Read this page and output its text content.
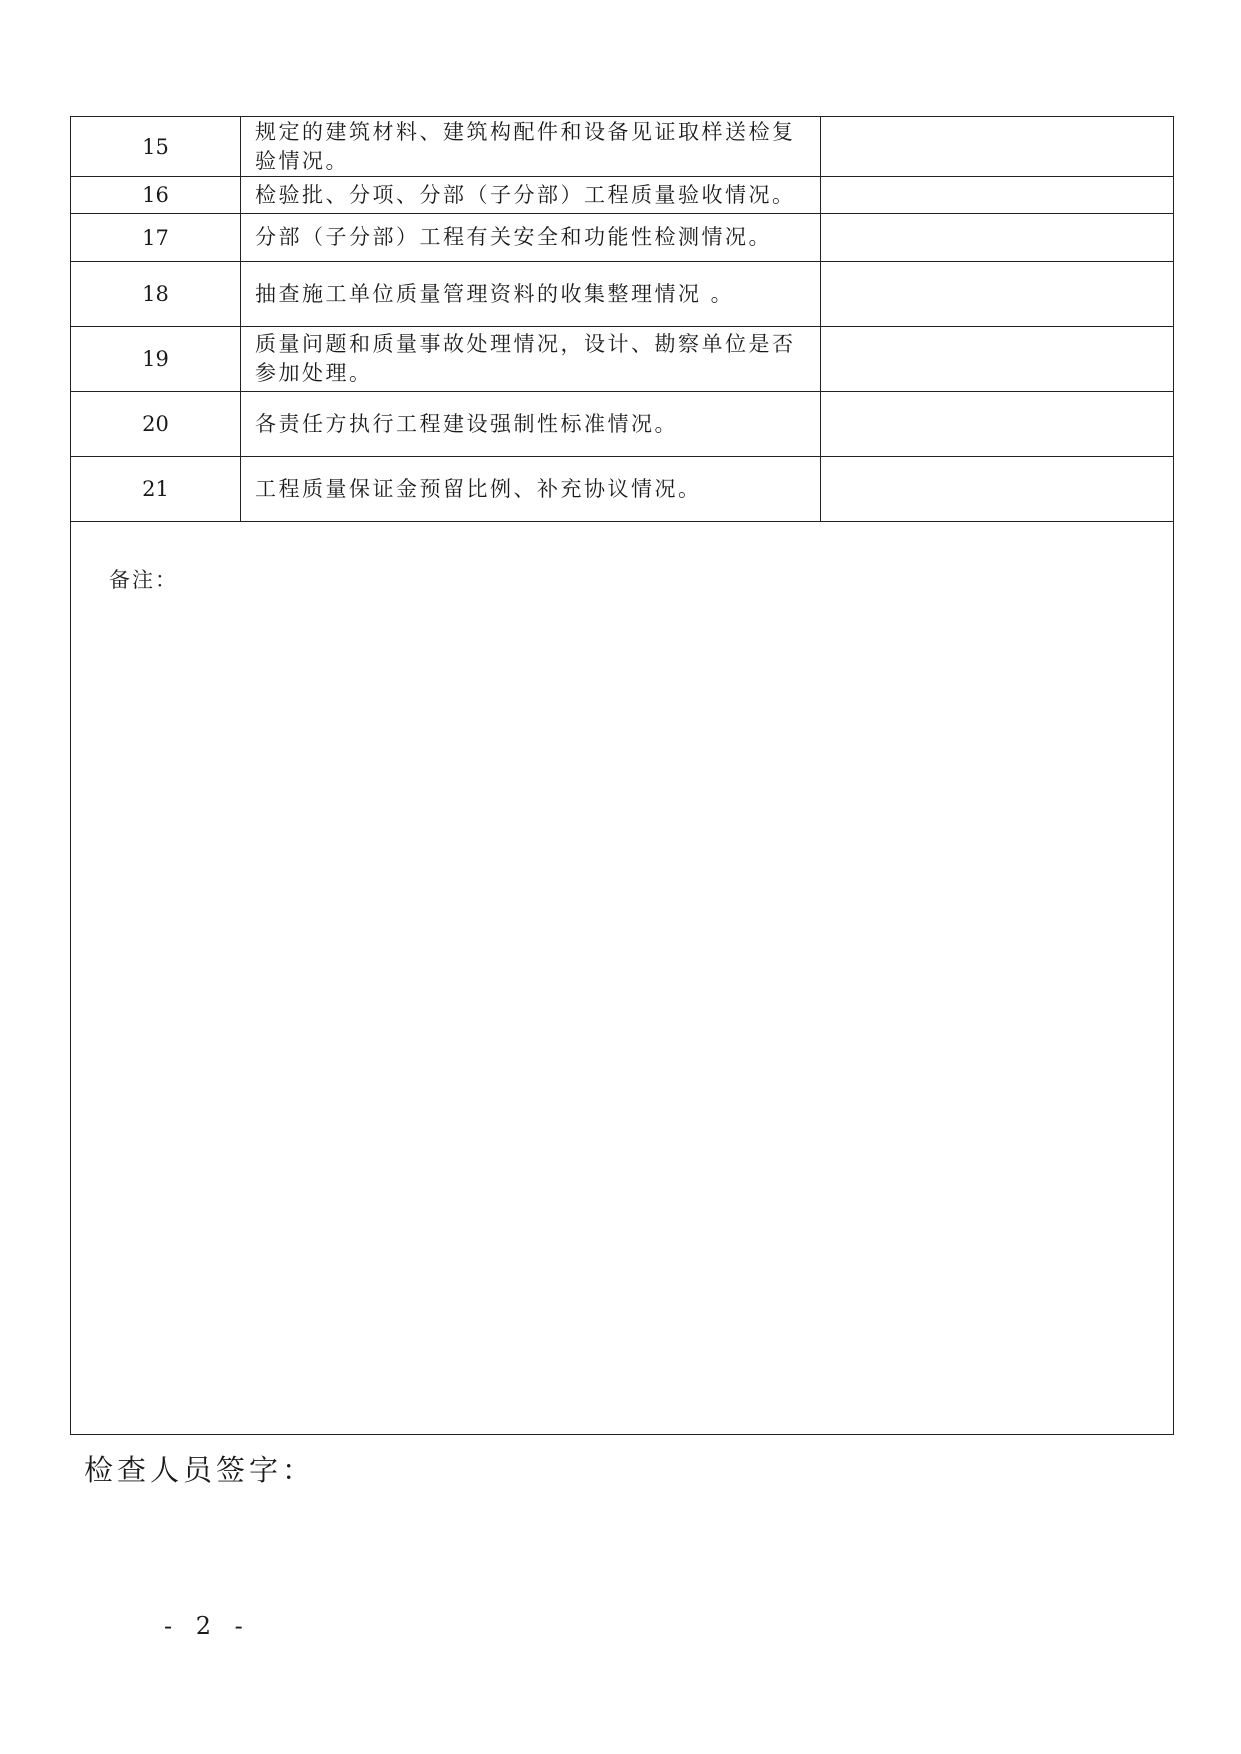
15	规定的建筑材料、建筑构配件和设备见证取样送检复验情况。	
16	检验批、分项、分部（子分部）工程质量验收情况。	
17	分部（子分部）工程有关安全和功能性检测情况。	
18	抽查施工单位质量管理资料的收集整理情况 。	
19	质量问题和质量事故处理情况，设计、勘察单位是否参加处理。	
20	各责任方执行工程建设强制性标准情况。	
21	工程质量保证金预留比例、补充协议情况。	

备注：		
检查人员签字：
- 2 -
